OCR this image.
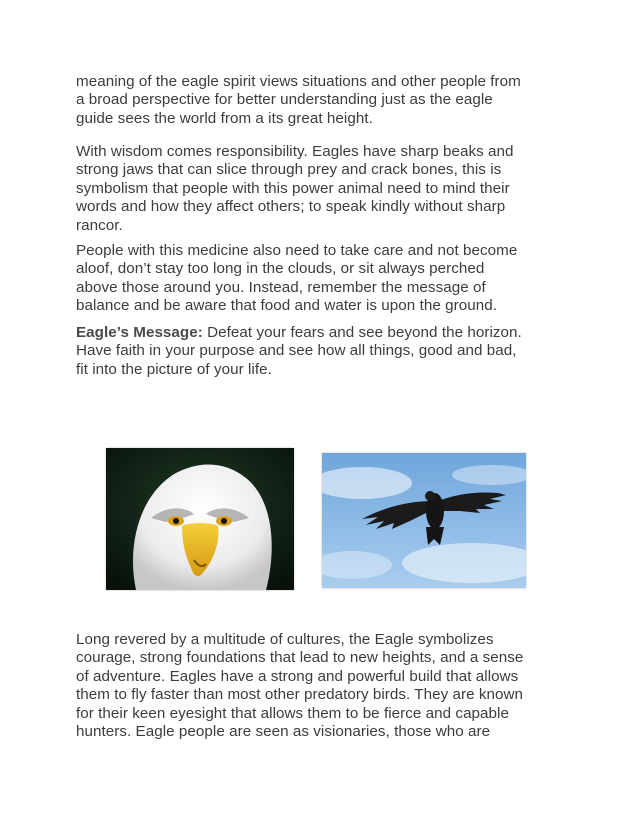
meaning of the eagle spirit views situations and other people from
a broad perspective for better understanding just as the eagle
guide sees the world from a its great height.
With wisdom comes responsibility. Eagles have sharp beaks and
strong jaws that can slice through prey and crack bones, this is
symbolism that people with this power animal need to mind their
words and how they affect others; to speak kindly without sharp
rancor.
People with this medicine also need to take care and not become
aloof, don’t stay too long in the clouds, or sit always perched
above those around you. Instead, remember the message of
balance and be aware that food and water is upon the ground.
Eagle’s Message: Defeat your fears and see beyond the horizon.
Have faith in your purpose and see how all things, good and bad,
fit into the picture of your life.
Long revered by a multitude of cultures, the Eagle symbolizes
courage, strong foundations that lead to new heights, and a sense
of adventure. Eagles have a strong and powerful build that allows
them to fly faster than most other predatory birds. They are known
for their keen eyesight that allows them to be fierce and capable
hunters. Eagle people are seen as visionaries, those who are
